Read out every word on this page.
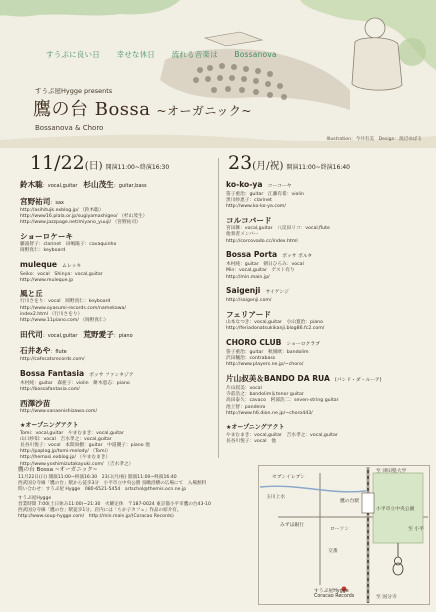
すうぷに良い日 幸せな休日 流れる音楽は Bossanova
すうぷ屋Hygge presents
鷹の台 Bossa ~オーガニック~
Bossanova & Choro
Illustration：今井有美　Design：渡辺ゆばる
11/22(日) 開演11:00~終演16:30	23(月/祝) 開演11:00~終演16:40
鈴木聡：vocal,guitar 杉山茂生：guitar,bass
宮野祐司：sax
http://asihitujk.exblog.jp/ （鈴木聡）
http://www16.plala.or.jp/sugiyamashigeo/ （杉山茂生）
http://www.jazzpage.net/miyano_yuuji/ （宮野祐司）
ショーロケーキ
藤波智子：clarinet　田嶋陽子：cavaquinho
岡野真仁：keyboard
muleque ムレッキ
Seiko：vocal　Shinya：vocal,guitar
http://www.muleque.jp
風と丘
行川さをり：vocal　岡野真仁：keyboard
http://www.oyasumi-records.com/namekawa/
index2.html （行川さをり）
http://www.11piano.com/ （岡野真仁）
田代司：vocal,guitar 荒野愛子：piano
石井あや：flute
http://cafecatsrecords.com/
Bossa Fantasia ボッサ ファンタジア
木村純：guitar　森亜子：violin　餅木恵志：piano
http://bossafantasia.com/
西澤沙苗
http://www.sanaenishizawa.com/
★オープニングアクト
Tomi：vocal,guitar　やまむまき：vocal,guitar
山口紗知：vocal　吉水孝之：vocal,guitar
長谷川悦子：vocal　本間尚樹：guitar　中道優子：piano 他
http://paplog.jp/tomi-melody/ （Tomi）
http://hemasi.exblog.jp/ （やまむまき）
http://www.yoshimizutakayuki.com/ （吉水孝之）
ko-ko-ya コーコーヤ
笹子重治：guitar　江藤有希：violin
黒川紗恵子：clarinet
http://www.ko-ko-ya.com/
コルコバード
宮田舞：vocal,guitar　八反田リコ：vocal,flute
他奏者メンバー
http://corcovado.cc/index.html
Bossa Porta ボッサ ポルタ
木村純：guitar　朝日ひろみ：vocal
Min：vocal,guitar　ゲスト有り
http://min.main.jp/
Saigenji サイゲンジ
http://saigenji.com/
フェリアード
山本なつき：vocal,guitar　小山寛治：piano
http://feriadonatsukikanji.blog86.fc2.com/
CHORO CLUB ショーロクラブ
笹子重治：guitar　秋岡欧：bandolim
沢田穣治：contrabass
http://www.players.ne.jp/~choro/
片山叔美＆BANDO DA RUA (バンド・ダ・ルーア)
片山叔美：vocal
寺前浩之：bandolim＆tenor guitar
高田泰久：cavaco　阿部浩二：seven-string guitar
池上智：pandeiro
http://www.h6.dion.ne.jp/~choro443/
★オープニングアクト
やまむまき：vocal,guitar　吉水孝之：vocal,guitar
長谷川悦子：vocal　他
鷹の台 Bossa ~オーガニック~
11月22日(日) 開演11:00~終演16:30　23日(月/祝) 開演11:00~終演16:40
西武国分寺線「鷹の台」駅から徒歩3分　小平市立中央公園 鳥瞰浴横の広場にて　入場無料
問い合わせ：すうぷ屋 Hygge　080-6521-5454　artschol@themis.ocn.ne.jp
すうぷ屋Hygge
営業時間 7:00(土日休み11:00)~21:30　火曜定休　〒187-0024 東京都小平市鷹の台43-10
西武国分寺線「鷹の台」駅徒歩1分。店内には「ちか子カフェ」作品の紹介有。
http://www.soup-hygge.com/　http://min.main.jp/(Coracao Records)
セブンイレブン
玉川上水
至 津田塾大学
小平市立中央公園
みずほ銀行
鷹の台駅
すうぷ屋Hygge
Coracao Records	至 国分寺
交番
至 小平
ローソン
